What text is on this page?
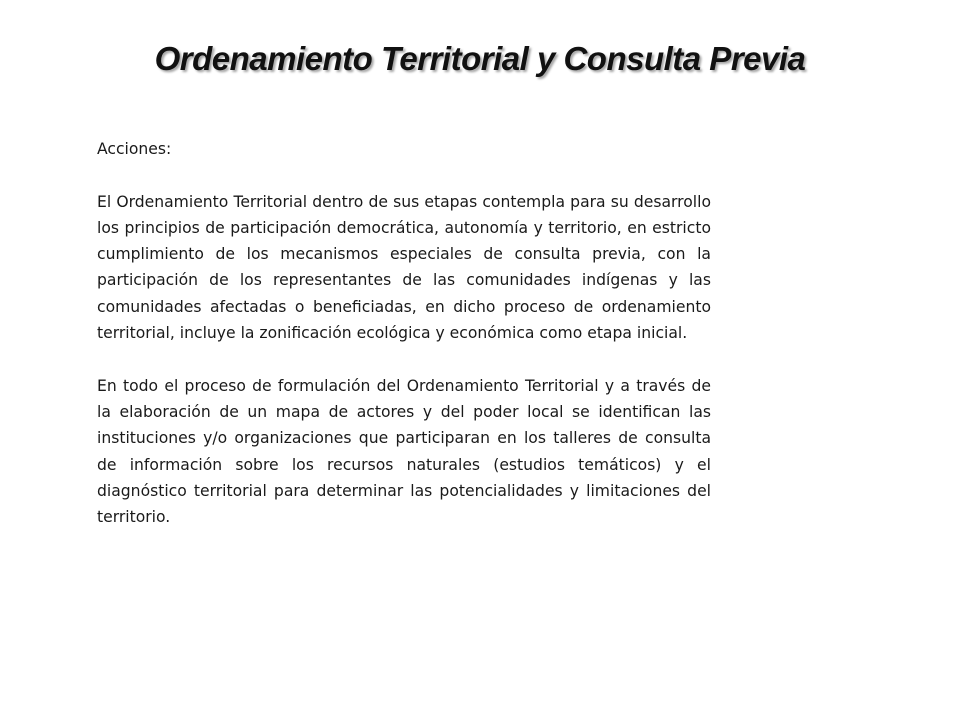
Ordenamiento Territorial y Consulta Previa

Acciones:

El Ordenamiento Territorial dentro de sus etapas contempla para su desarrollo los principios de participación democrática, autonomía y territorio, en estricto cumplimiento de los mecanismos especiales de consulta previa, con la participación de los representantes de las comunidades indígenas y las comunidades afectadas o beneficiadas, en dicho proceso de ordenamiento territorial, incluye la zonificación ecológica y económica como etapa inicial.

En todo el proceso de formulación del Ordenamiento Territorial y a través de la elaboración de un mapa de actores y del poder local se identifican las instituciones y/o organizaciones que participaran en los talleres de consulta de información sobre los recursos naturales (estudios temáticos) y el diagnóstico territorial para determinar las potencialidades y limitaciones del territorio.
